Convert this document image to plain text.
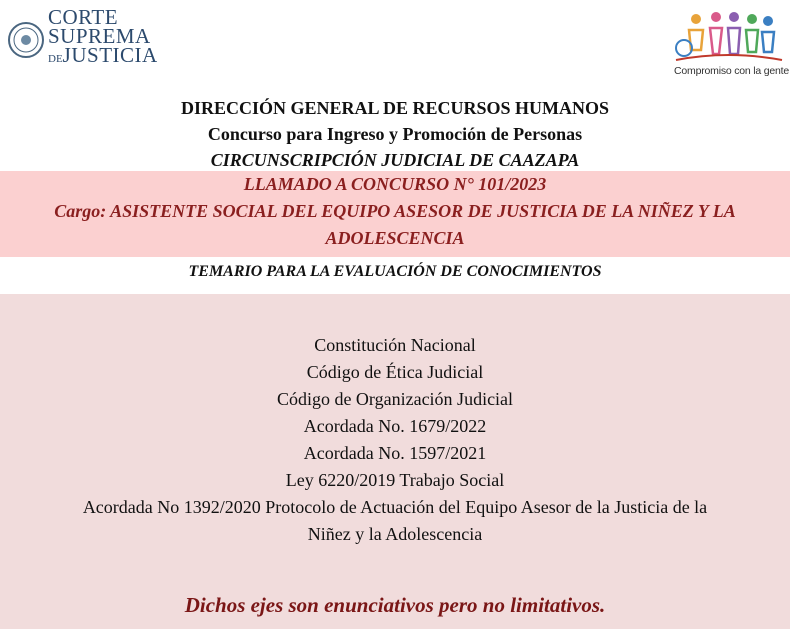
CORTE
SUPREMA
DEJUSTICIA
Compromiso con la gente
DIRECCIÓN GENERAL DE RECURSOS HUMANOS
Concurso para Ingreso y Promoción de Personas
CIRCUNSCRIPCIÓN JUDICIAL DE CAAZAPA
LLAMADO A CONCURSO N° 101/2023
Cargo: ASISTENTE SOCIAL DEL EQUIPO ASESOR DE JUSTICIA DE LA NIÑEZ Y LA
ADOLESCENCIA
TEMARIO PARA LA EVALUACIÓN DE CONOCIMIENTOS
Constitución Nacional
Código de Ética Judicial
Código de Organización Judicial
Acordada No. 1679/2022
Acordada No. 1597/2021
Ley 6220/2019 Trabajo Social
Acordada No 1392/2020 Protocolo de Actuación del Equipo Asesor de la Justicia de la
Niñez y la Adolescencia
Dichos ejes son enunciativos pero no limitativos.
